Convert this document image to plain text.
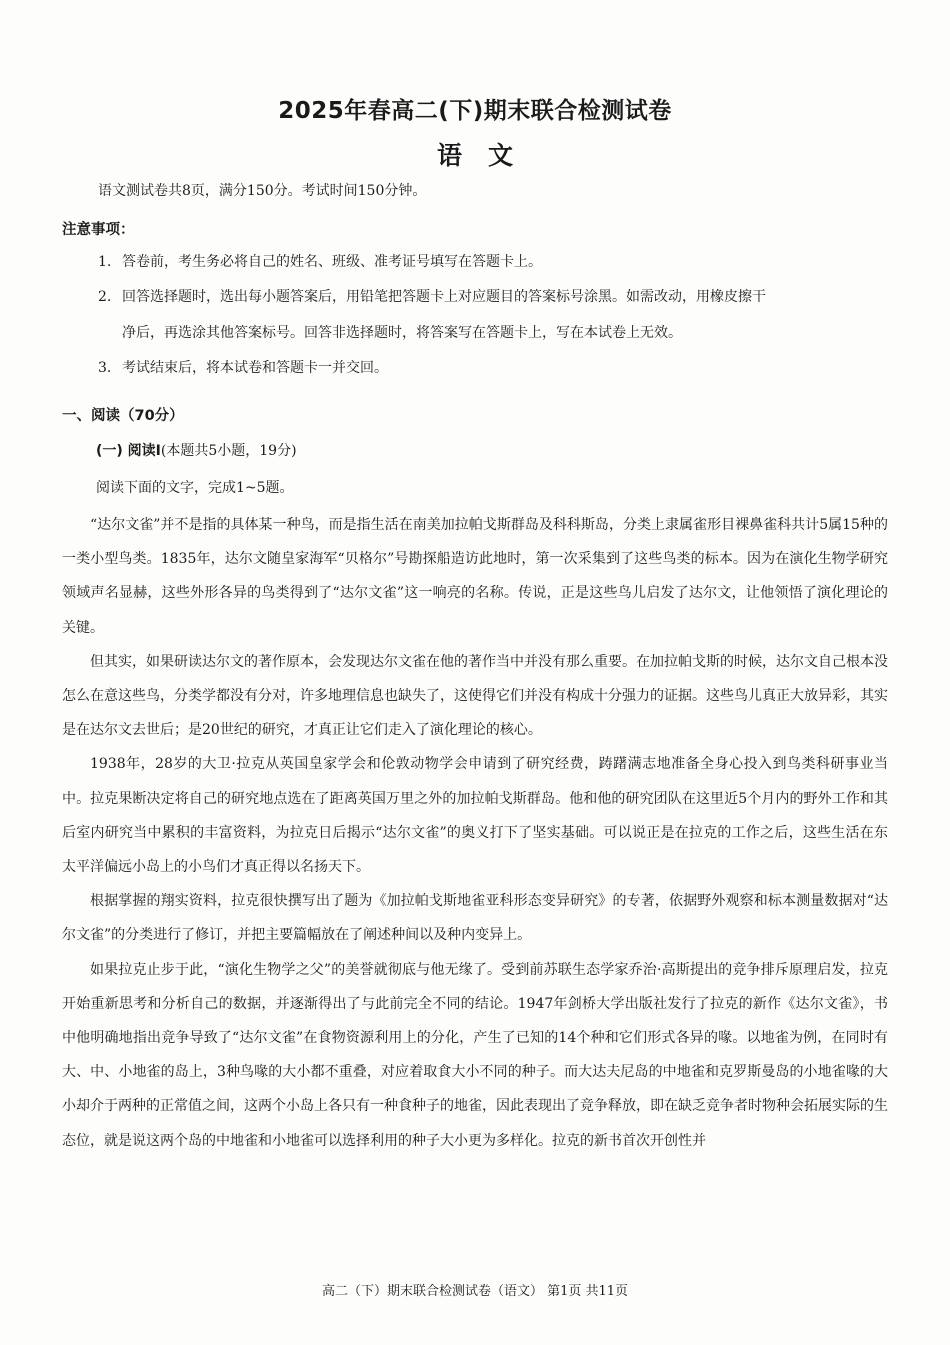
2025年春高二(下)期末联合检测试卷
语文
语文测试卷共8页，满分150分。考试时间150分钟。
注意事项：
1. 答卷前，考生务必将自己的姓名、班级、准考证号填写在答题卡上。
2. 回答选择题时，选出每小题答案后，用铅笔把答题卡上对应题目的答案标号涂黑。如需改动，用橡皮擦干
净后，再选涂其他答案标号。回答非选择题时，将答案写在答题卡上，写在本试卷上无效。
3. 考试结束后，将本试卷和答题卡一并交回。
一、阅读（70分）
(一) 阅读Ⅰ(本题共5小题，19分)
阅读下面的文字，完成1~5题。

“达尔文雀”并不是指的具体某一种鸟，而是指生活在南美加拉帕戈斯群岛及科科斯岛，分类上隶属雀形目裸鼻雀科共计5属15种的一类小型鸟类。1835年，达尔文随皇家海军“贝格尔”号勘探船造访此地时，第一次采集到了这些鸟类的标本。因为在演化生物学研究领域声名显赫，这些外形各异的鸟类得到了“达尔文雀”这一响亮的名称。传说，正是这些鸟儿启发了达尔文，让他领悟了演化理论的关键。

但其实，如果研读达尔文的著作原本，会发现达尔文雀在他的著作当中并没有那么重要。在加拉帕戈斯的时候，达尔文自己根本没怎么在意这些鸟，分类学都没有分对，许多地理信息也缺失了，这使得它们并没有构成十分强力的证据。这些鸟儿真正大放异彩，其实是在达尔文去世后；是20世纪的研究，才真正让它们走入了演化理论的核心。

1938年，28岁的大卫·拉克从英国皇家学会和伦敦动物学会申请到了研究经费，踌躇满志地准备全身心投入到鸟类科研事业当中。拉克果断决定将自己的研究地点选在了距离英国万里之外的加拉帕戈斯群岛。他和他的研究团队在这里近5个月内的野外工作和其后室内研究当中累积的丰富资料，为拉克日后揭示“达尔文雀”的奥义打下了坚实基础。可以说正是在拉克的工作之后，这些生活在东太平洋偏远小岛上的小鸟们才真正得以名扬天下。

根据掌握的翔实资料，拉克很快撰写出了题为《加拉帕戈斯地雀亚科形态变异研究》的专著，依据野外观察和标本测量数据对“达尔文雀”的分类进行了修订，并把主要篇幅放在了阐述种间以及种内变异上。

如果拉克止步于此，“演化生物学之父”的美誉就彻底与他无缘了。受到前苏联生态学家乔治·高斯提出的竞争排斥原理启发，拉克开始重新思考和分析自己的数据，并逐渐得出了与此前完全不同的结论。1947年剑桥大学出版社发行了拉克的新作《达尔文雀》，书中他明确地指出竞争导致了“达尔文雀”在食物资源利用上的分化，产生了已知的14个种和它们形式各异的喙。以地雀为例，在同时有大、中、小地雀的岛上，3种鸟喙的大小都不重叠，对应着取食大小不同的种子。而大达夫尼岛的中地雀和克罗斯曼岛的小地雀喙的大小却介于两种的正常值之间，这两个小岛上各只有一种食种子的地雀，因此表现出了竞争释放，即在缺乏竞争者时物种会拓展实际的生态位，就是说这两个岛的中地雀和小地雀可以选择利用的种子大小更为多样化。拉克的新书首次开创性并

高二（下）期末联合检测试卷（语文） 第1页 共11页
